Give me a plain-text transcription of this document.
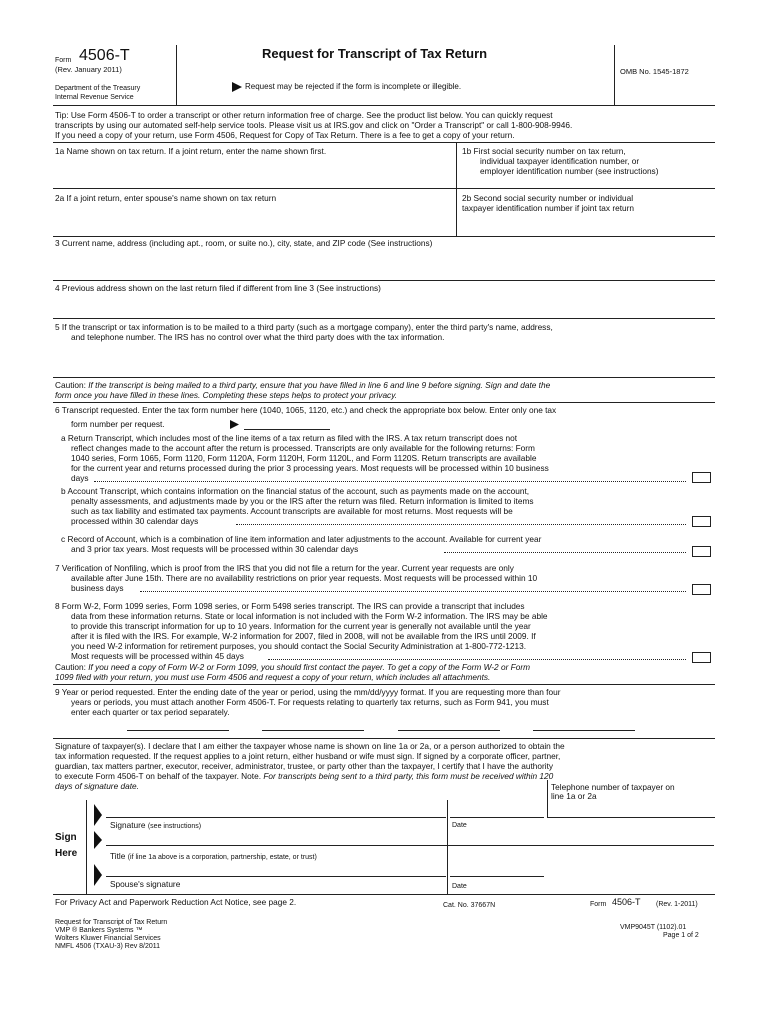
Form 4506-T
(Rev. January 2011)
Department of the Treasury
Internal Revenue Service
Request for Transcript of Tax Return
Request may be rejected if the form is incomplete or illegible.
OMB No. 1545-1872
Tip: Use Form 4506-T to order a transcript or other return information free of charge. See the product list below. You can quickly request
transcripts by using our automated self-help service tools. Please visit us at IRS.gov and click on "Order a Transcript" or call 1-800-908-9946.
If you need a copy of your return, use Form 4506, Request for Copy of Tax Return. There is a fee to get a copy of your return.
1a Name shown on tax return. If a joint return, enter the name shown first.	1b First social security number on tax return,
individual taxpayer identification number, or
employer identification number (see instructions)
2a If a joint return, enter spouse's name shown on tax return	2b Second social security number or individual
taxpayer identification number if joint tax return
3 Current name, address (including apt., room, or suite no.), city, state, and ZIP code (See instructions)
4 Previous address shown on the last return filed if different from line 3 (See instructions)
5 If the transcript or tax information is to be mailed to a third party (such as a mortgage company), enter the third party's name, address,
and telephone number. The IRS has no control over what the third party does with the tax information.
Caution: If the transcript is being mailed to a third party, ensure that you have filled in line 6 and line 9 before signing. Sign and date the
form once you have filled in these lines. Completing these steps helps to protect your privacy.
6 Transcript requested. Enter the tax form number here (1040, 1065, 1120, etc.) and check the appropriate box below. Enter only one tax
form number per request.
a Return Transcript, which includes most of the line items of a tax return as filed with the IRS. A tax return transcript does not
reflect changes made to the account after the return is processed. Transcripts are only available for the following returns: Form
1040 series, Form 1065, Form 1120, Form 1120A, Form 1120H, Form 1120L, and Form 1120S. Return transcripts are available
for the current year and returns processed during the prior 3 processing years. Most requests will be processed within 10 business
days
b Account Transcript, which contains information on the financial status of the account, such as payments made on the account,
penalty assessments, and adjustments made by you or the IRS after the return was filed. Return information is limited to items
such as tax liability and estimated tax payments. Account transcripts are available for most returns. Most requests will be
processed within 30 calendar days
c Record of Account, which is a combination of line item information and later adjustments to the account. Available for current year
and 3 prior tax years. Most requests will be processed within 30 calendar days
7 Verification of Nonfiling, which is proof from the IRS that you did not file a return for the year. Current year requests are only
available after June 15th. There are no availability restrictions on prior year requests. Most requests will be processed within 10
business days
8 Form W-2, Form 1099 series, Form 1098 series, or Form 5498 series transcript. The IRS can provide a transcript that includes
data from these information returns. State or local information is not included with the Form W-2 information. The IRS may be able
to provide this transcript information for up to 10 years. Information for the current year is generally not available until the year
after it is filed with the IRS. For example, W-2 information for 2007, filed in 2008, will not be available from the IRS until 2009. If
you need W-2 information for retirement purposes, you should contact the Social Security Administration at 1-800-772-1213.
Most requests will be processed within 45 days
Caution: If you need a copy of Form W-2 or Form 1099, you should first contact the payer. To get a copy of the Form W-2 or Form
1099 filed with your return, you must use Form 4506 and request a copy of your return, which includes all attachments.
9 Year or period requested. Enter the ending date of the year or period, using the mm/dd/yyyy format. If you are requesting more than four
years or periods, you must attach another Form 4506-T. For requests relating to quarterly tax returns, such as Form 941, you must
enter each quarter or tax period separately.
Signature of taxpayer(s). I declare that I am either the taxpayer whose name is shown on line 1a or 2a, or a person authorized to obtain the
tax information requested. If the request applies to a joint return, either husband or wife must sign. If signed by a corporate officer, partner,
guardian, tax matters partner, executor, receiver, administrator, trustee, or party other than the taxpayer, I certify that I have the authority
to execute Form 4506-T on behalf of the taxpayer. Note. For transcripts being sent to a third party, this form must be received within 120
days of signature date.	Telephone number of taxpayer on
line 1a or 2a
Sign
Here
Signature (see instructions)	Date
Title (if line 1a above is a corporation, partnership, estate, or trust)
Spouse's signature	Date
For Privacy Act and Paperwork Reduction Act Notice, see page 2.	Cat. No. 37667N	Form 4506-T (Rev. 1-2011)
Request for Transcript of Tax Return
VMP ® Bankers Systems ™
Wolters Kluwer Financial Services
NMFL 4506 (TXAU-3) Rev 8/2011
VMP9045T (1102).01
Page 1 of 2
